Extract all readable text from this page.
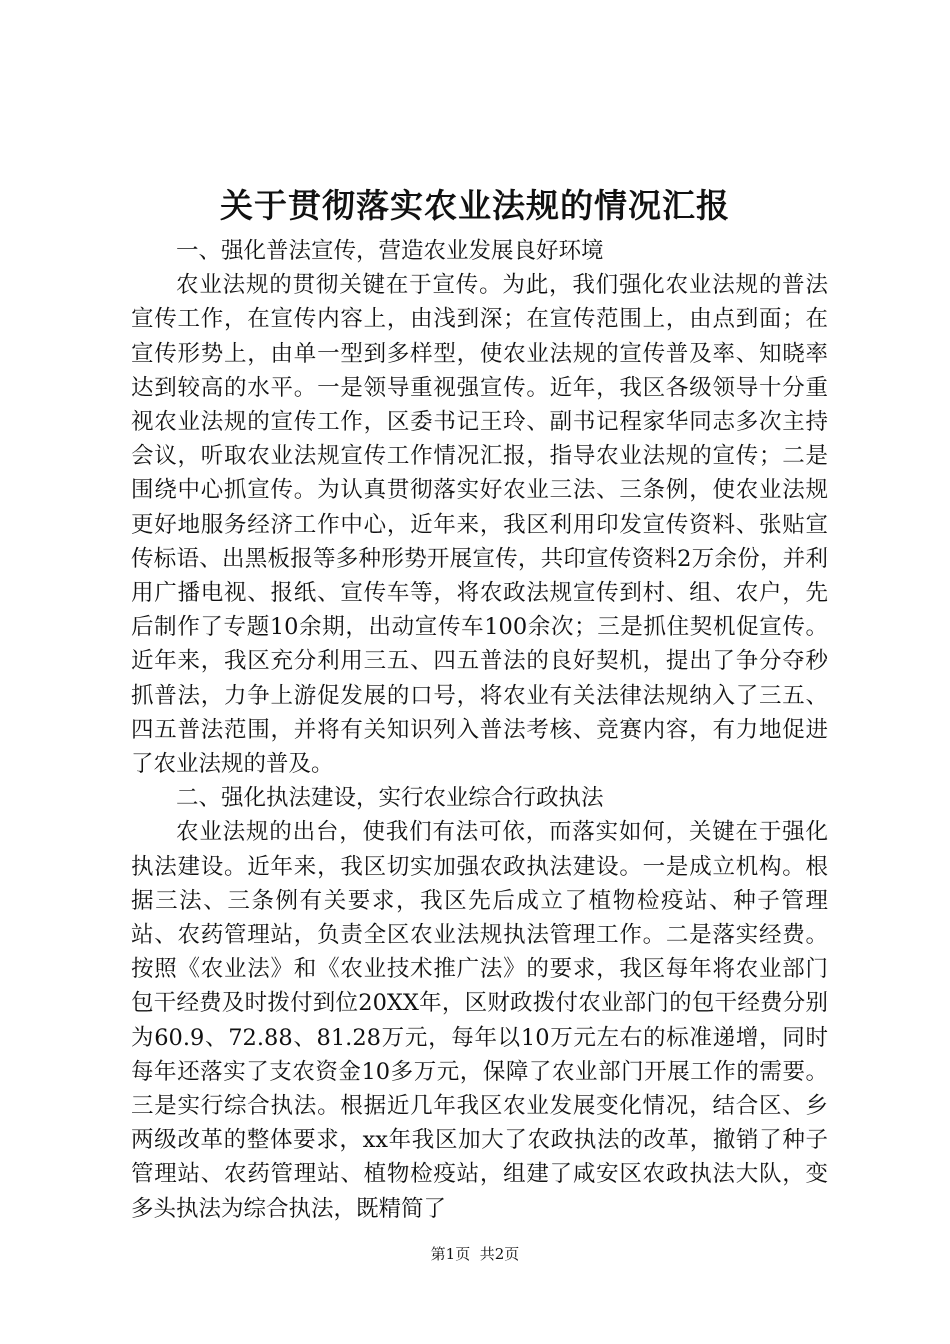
关于贯彻落实农业法规的情况汇报

一、强化普法宣传，营造农业发展良好环境

农业法规的贯彻关键在于宣传。为此，我们强化农业法规的普法宣传工作，在宣传内容上，由浅到深；在宣传范围上，由点到面；在宣传形势上，由单一型到多样型，使农业法规的宣传普及率、知晓率达到较高的水平。一是领导重视强宣传。近年，我区各级领导十分重视农业法规的宣传工作，区委书记王玲、副书记程家华同志多次主持会议，听取农业法规宣传工作情况汇报，指导农业法规的宣传；二是围绕中心抓宣传。为认真贯彻落实好农业三法、三条例，使农业法规更好地服务经济工作中心，近年来，我区利用印发宣传资料、张贴宣传标语、出黑板报等多种形势开展宣传，共印宣传资料2万余份，并利用广播电视、报纸、宣传车等，将农政法规宣传到村、组、农户，先后制作了专题10余期，出动宣传车100余次；三是抓住契机促宣传。近年来，我区充分利用三五、四五普法的良好契机，提出了争分夺秒抓普法，力争上游促发展的口号，将农业有关法律法规纳入了三五、四五普法范围，并将有关知识列入普法考核、竞赛内容，有力地促进了农业法规的普及。

二、强化执法建设，实行农业综合行政执法

农业法规的出台，使我们有法可依，而落实如何，关键在于强化执法建设。近年来，我区切实加强农政执法建设。一是成立机构。根据三法、三条例有关要求，我区先后成立了植物检疫站、种子管理站、农药管理站，负责全区农业法规执法管理工作。二是落实经费。按照《农业法》和《农业技术推广法》的要求，我区每年将农业部门包干经费及时拨付到位20XX年，区财政拨付农业部门的包干经费分别为60.9、72.88、81.28万元，每年以10万元左右的标准递增，同时每年还落实了支农资金10多万元，保障了农业部门开展工作的需要。三是实行综合执法。根据近几年我区农业发展变化情况，结合区、乡两级改革的整体要求，xx年我区加大了农政执法的改革，撤销了种子管理站、农药管理站、植物检疫站，组建了咸安区农政执法大队，变多头执法为综合执法，既精简了

第1页 共2页
